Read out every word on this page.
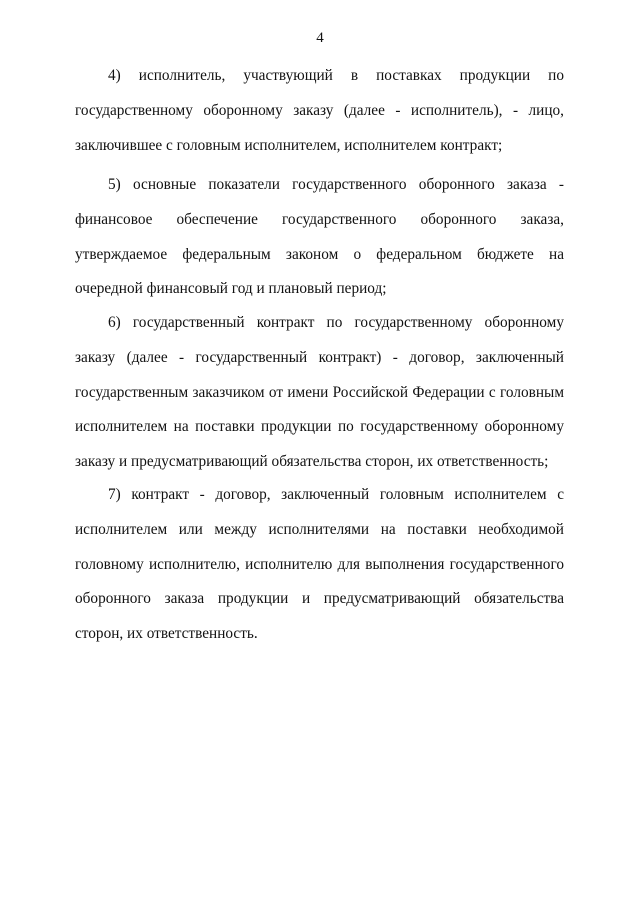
4

4) исполнитель, участвующий в поставках продукции по государственному оборонному заказу (далее - исполнитель), - лицо, заключившее с головным исполнителем, исполнителем контракт;

5) основные показатели государственного оборонного заказа - финансовое обеспечение государственного оборонного заказа, утверждаемое федеральным законом о федеральном бюджете на очередной финансовый год и плановый период;

6) государственный контракт по государственному оборонному заказу (далее - государственный контракт) - договор, заключенный государственным заказчиком от имени Российской Федерации с головным исполнителем на поставки продукции по государственному оборонному заказу и предусматривающий обязательства сторон, их ответственность;

7) контракт - договор, заключенный головным исполнителем с исполнителем или между исполнителями на поставки необходимой головному исполнителю, исполнителю для выполнения государственного оборонного заказа продукции и предусматривающий обязательства сторон, их ответственность.
